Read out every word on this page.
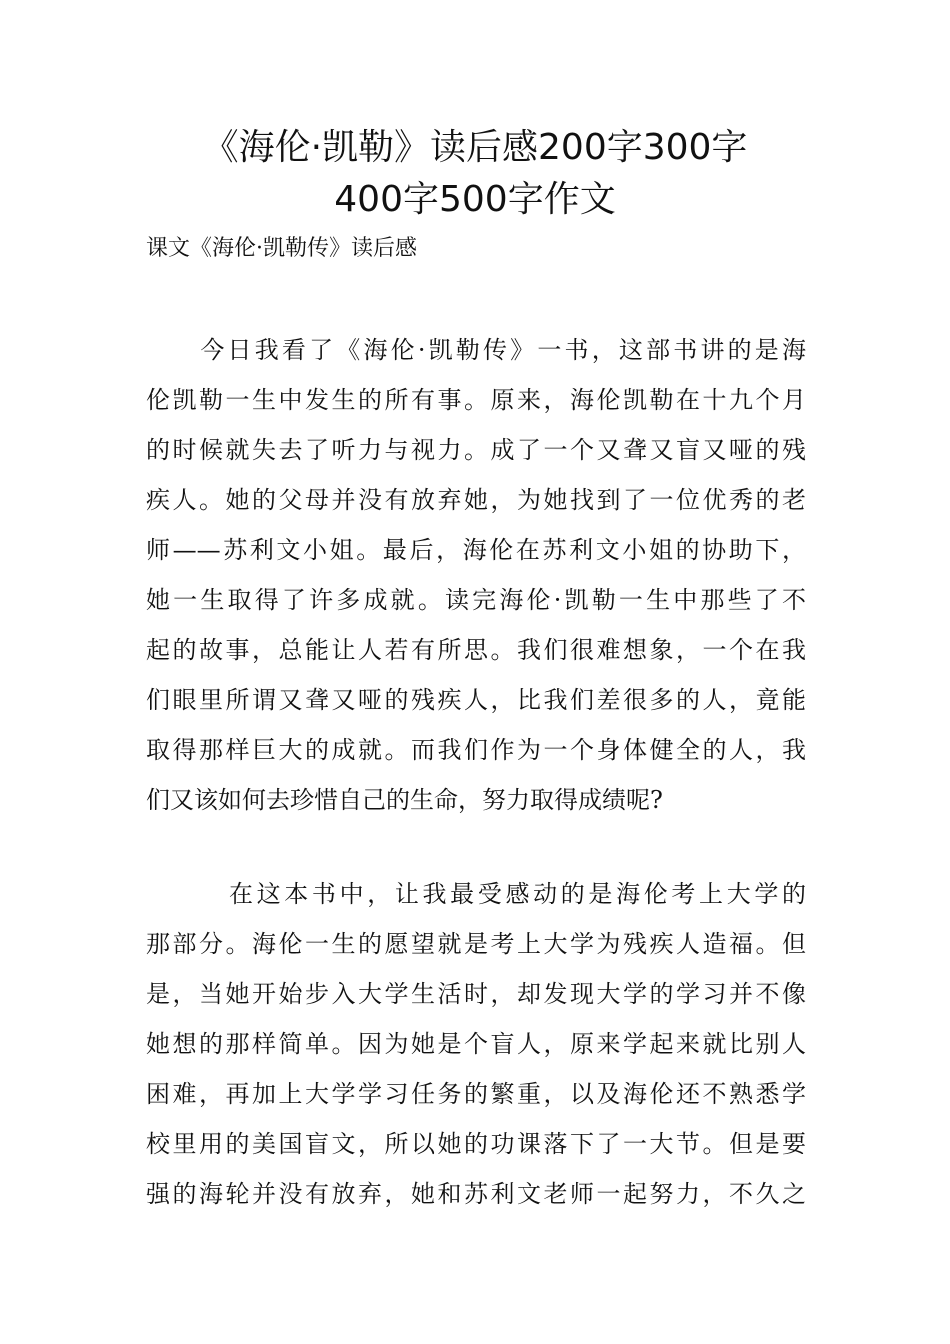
《海伦·凯勒》读后感200字300字
400字500字作文

课文《海伦·凯勒传》读后感

　　今日我看了《海伦·凯勒传》一书，这部书讲的是海
伦凯勒一生中发生的所有事。原来，海伦凯勒在十九个月
的时候就失去了听力与视力。成了一个又聋又盲又哑的残
疾人。她的父母并没有放弃她，为她找到了一位优秀的老
师——苏利文小姐。最后，海伦在苏利文小姐的协助下，
她一生取得了许多成就。读完海伦·凯勒一生中那些了不
起的故事，总能让人若有所思。我们很难想象，一个在我
们眼里所谓又聋又哑的残疾人，比我们差很多的人，竟能
取得那样巨大的成就。而我们作为一个身体健全的人，我
们又该如何去珍惜自己的生命，努力取得成绩呢?
　　　在这本书中，让我最受感动的是海伦考上大学的
那部分。海伦一生的愿望就是考上大学为残疾人造福。但
是，当她开始步入大学生活时，却发现大学的学习并不像
她想的那样简单。因为她是个盲人，原来学起来就比别人
困难，再加上大学学习任务的繁重，以及海伦还不熟悉学
校里用的美国盲文，所以她的功课落下了一大节。但是要
强的海轮并没有放弃，她和苏利文老师一起努力，不久之
